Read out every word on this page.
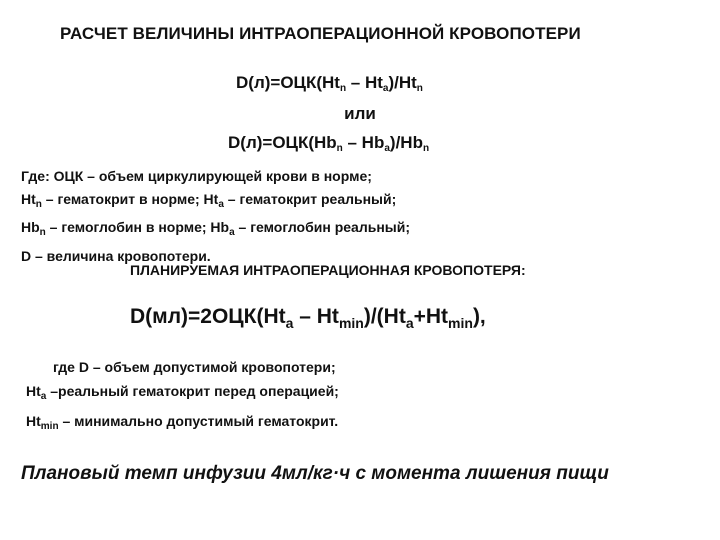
РАСЧЕТ ВЕЛИЧИНЫ ИНТРАОПЕРАЦИОННОЙ КРОВОПОТЕРИ
$D(л)=ОЦК(Ht_n - Ht_a)/Ht_n$
или
$D(л)=ОЦК(Hb_n - Hb_a)/Hb_n$
Где: ОЦК – объем циркулирующей крови в норме;
$Ht_n$ – гематокрит в норме; $Ht_a$ – гематокрит реальный;
$Hb_n$ – гемоглобин в норме; $Hb_a$ – гемоглобин реальный;
D – величина кровопотери.
ПЛАНИРУЕМАЯ ИНТРАОПЕРАЦИОННАЯ КРОВОПОТЕРЯ:
$D(мл)=2ОЦК(Ht_a - Ht_{min})/(Ht_a+Ht_{min})$,
где D – объем допустимой кровопотери;
$Ht_a$ –реальный гематокрит перед операцией;
$Ht_{min}$ – минимально допустимый гематокрит.
Плановый темп инфузии 4мл/кг·ч с момента лишения пищи
